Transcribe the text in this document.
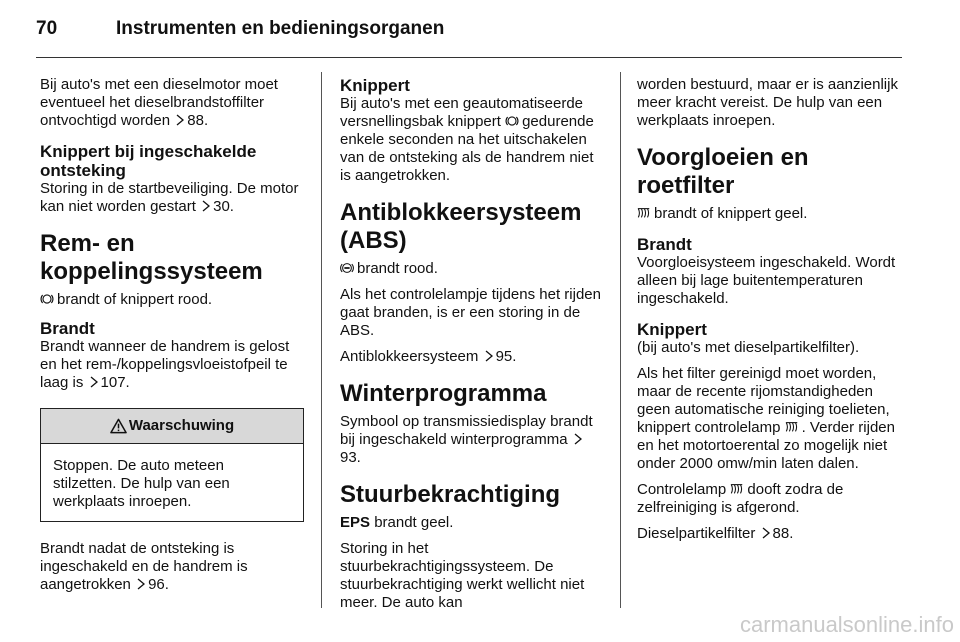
70	Instrumenten en bedieningsorganen

Bij auto's met een dieselmotor moet eventueel het dieselbrandstoffilter ontvochtigd worden 88.

Knippert bij ingeschakelde ontsteking

Storing in de startbeveiliging. De motor kan niet worden gestart 30.

Rem- en koppelingssysteem

brandt of knippert rood.

Brandt

Brandt wanneer de handrem is gelost en het rem-/koppelingsvloeistofpeil te laag is 107.

Waarschuwing
Stoppen. De auto meteen stilzetten. De hulp van een werkplaats inroepen.

Brandt nadat de ontsteking is ingeschakeld en de handrem is aangetrokken 96.

Knippert

Bij auto's met een geautomatiseerde versnellingsbak knippert gedurende enkele seconden na het uitschakelen van de ontsteking als de handrem niet is aangetrokken.

Antiblokkeersysteem (ABS)

brandt rood.

Als het controlelampje tijdens het rijden gaat branden, is er een storing in de ABS.

Antiblokkeersysteem 95.

Winterprogramma

Symbool op transmissiedisplay brandt bij ingeschakeld winterprogramma 93.

Stuurbekrachtiging

EPS brandt geel.

Storing in het stuurbekrachtigingssysteem. De stuurbekrachtiging werkt wellicht niet meer. De auto kan

worden bestuurd, maar er is aanzienlijk meer kracht vereist. De hulp van een werkplaats inroepen.

Voorgloeien en roetfilter

brandt of knippert geel.

Brandt

Voorgloeisysteem ingeschakeld. Wordt alleen bij lage buitentemperaturen ingeschakeld.

Knippert

(bij auto's met dieselpartikelfilter).

Als het filter gereinigd moet worden, maar de recente rijomstandigheden geen automatische reiniging toelieten, knippert controlelamp . Verder rijden en het motortoerental zo mogelijk niet onder 2000 omw/min laten dalen.

Controlelamp dooft zodra de zelfreiniging is afgerond.

Dieselpartikelfilter 88.

carmanualsonline.info
